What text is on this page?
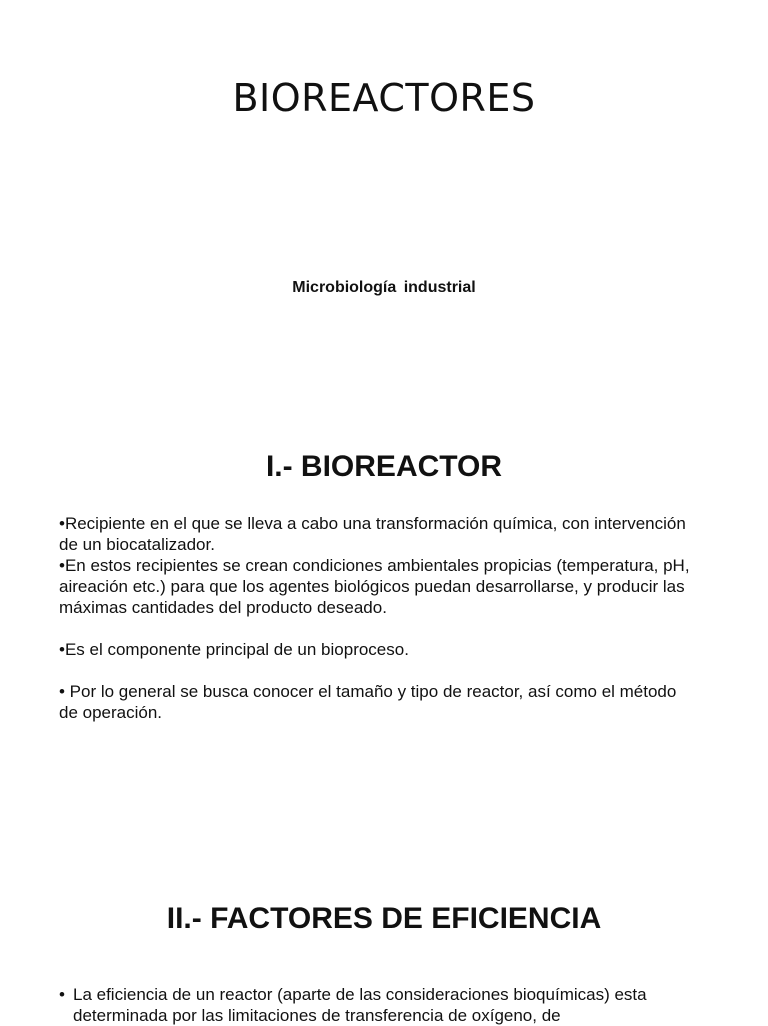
BIOREACTORES

Microbiología industrial

I.- BIOREACTOR
•Recipiente en el que se lleva a cabo una transformación química, con intervención de un biocatalizador.
•En estos recipientes se crean condiciones ambientales propicias (temperatura, pH, aireación etc.) para que los agentes biológicos puedan desarrollarse, y producir las máximas cantidades del producto deseado.
•Es el componente principal de un bioproceso.
• Por lo general se busca conocer el tamaño y tipo de reactor, así como el método de operación.
II.- FACTORES DE EFICIENCIA
• La eficiencia de un reactor (aparte de las consideraciones bioquímicas) esta determinada por las limitaciones de transferencia de oxígeno, de
